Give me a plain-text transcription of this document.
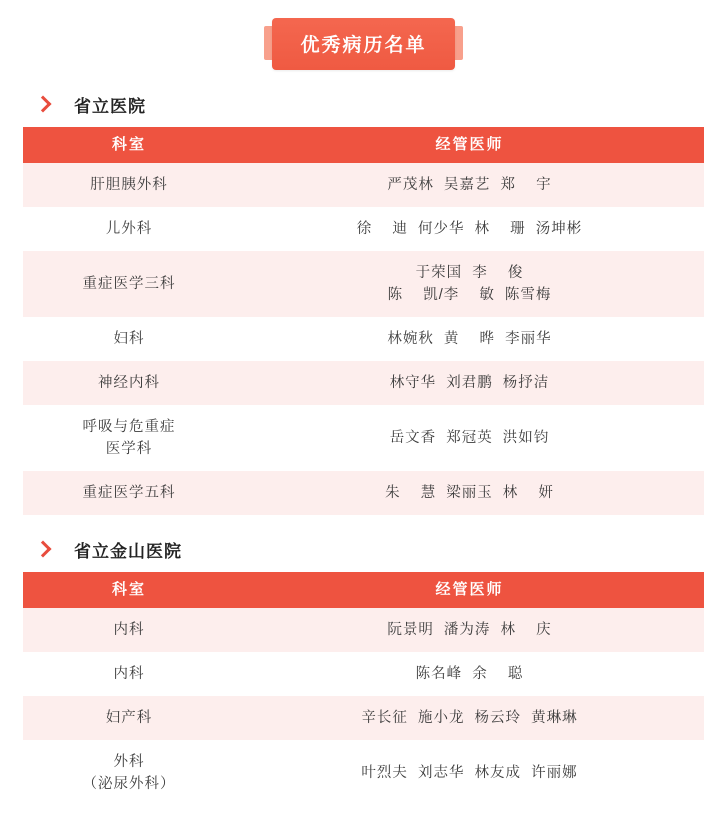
优秀病历名单
省立医院
科室	经管医师

肝胆胰外科	严茂林  吴嘉艺  郑    宇

儿外科	徐    迪  何少华  林    珊  汤坤彬

重症医学三科	于荣国  李    俊
陈    凯/李    敏  陈雪梅

妇科	林婉秋  黄    晔  李丽华

神经内科	林守华  刘君鹏  杨抒洁

呼吸与危重症
医学科	岳文香  郑冠英  洪如钧

重症医学五科	朱    慧  梁丽玉  林    妍
省立金山医院
科室	经管医师

内科	阮景明  潘为涛  林    庆

内科	陈名峰  余    聪

妇产科	辛长征  施小龙  杨云玲  黄琳琳

外科
（泌尿外科）	叶烈夫  刘志华  林友成  许丽娜
